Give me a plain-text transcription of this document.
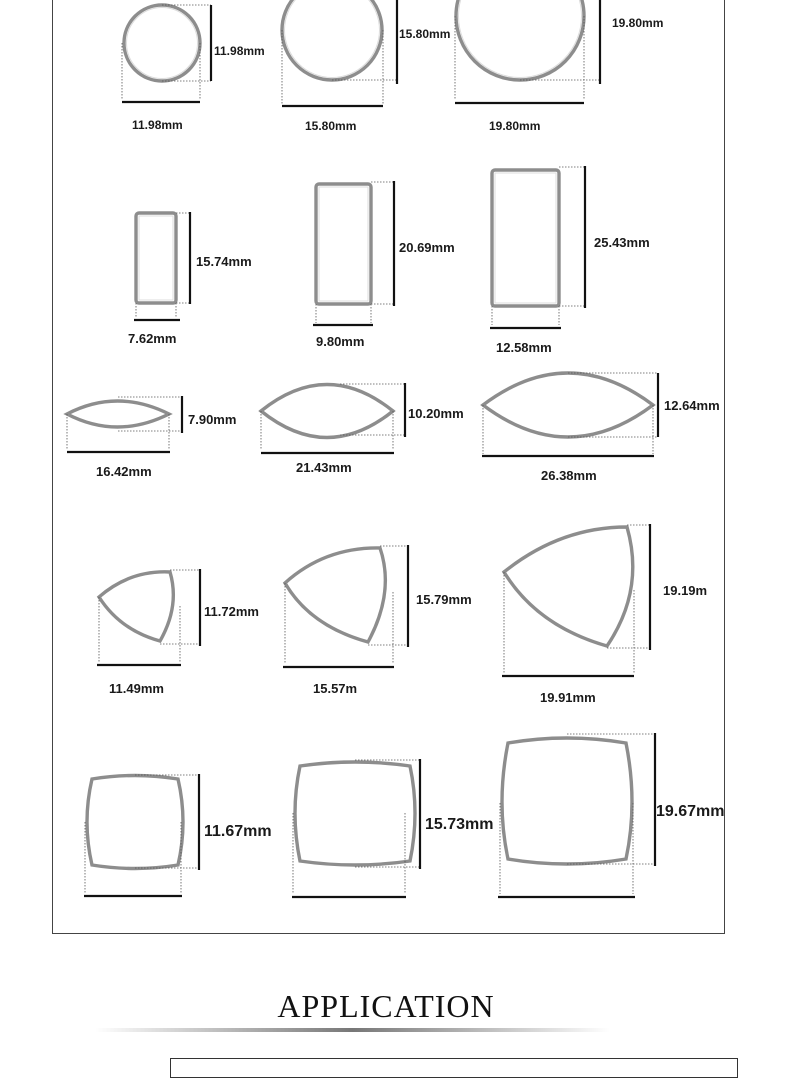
11.98mm
11.98mm
15.80mm
15.80mm
19.80mm
19.80mm
15.74mm
7.62mm
20.69mm
9.80mm
25.43mm
12.58mm
7.90mm
16.42mm
10.20mm
21.43mm
12.64mm
26.38mm
11.72mm
11.49mm
15.79mm
15.57m
19.19m
19.91mm
11.67mm	15.73mm
19.67mm
APPLICATION
